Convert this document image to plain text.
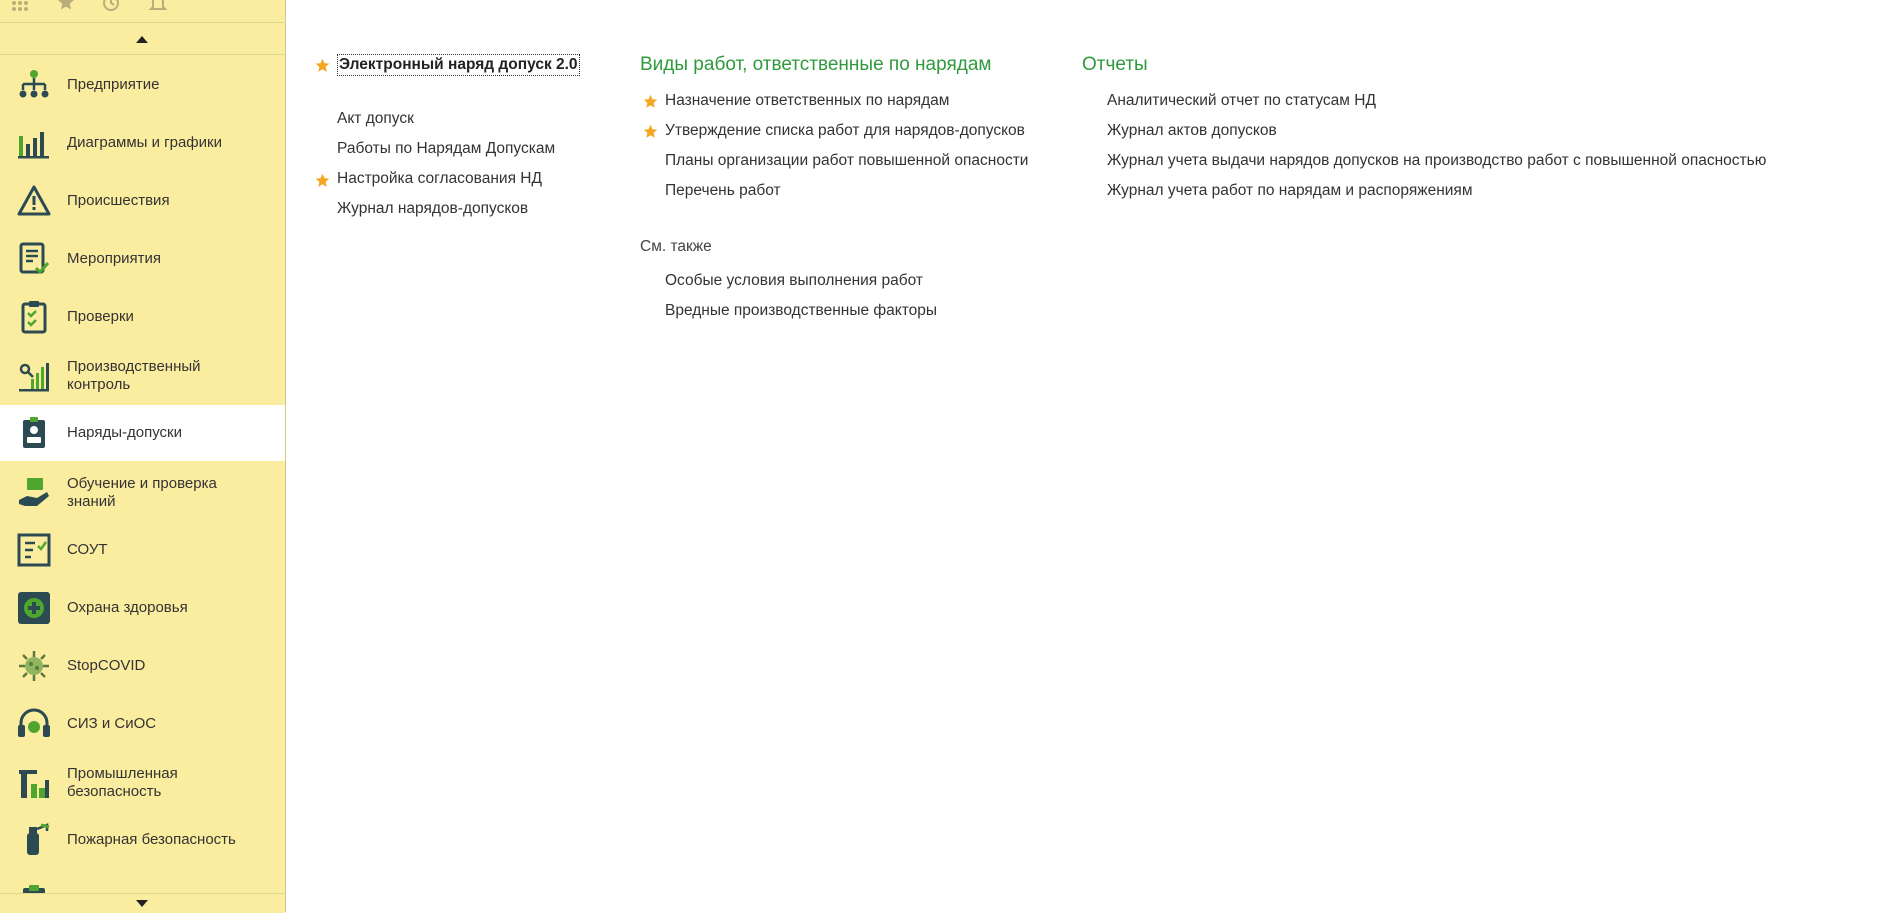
Предприятие
Диаграммы и графики
Происшествия
Мероприятия
Проверки
Производственный контроль
Наряды-допуски
Обучение и проверка знаний
СОУТ
Охрана здоровья
StopCOVID
СИЗ и СиОС
Промышленная безопасность
Пожарная безопасность
Электронный наряд допуск 2.0
Акт допуск
Работы по Нарядам Допускам
Настройка согласования НД
Журнал нарядов-допусков
Виды работ, ответственные по нарядам
Назначение ответственных по нарядам
Утверждение списка работ для нарядов-допусков
Планы организации работ повышенной опасности
Перечень работ
См. также
Особые условия выполнения работ
Вредные производственные факторы
Отчеты
Аналитический отчет по статусам НД
Журнал актов допусков
Журнал учета выдачи нарядов допусков на производство работ с повышенной опасностью
Журнал учета работ по нарядам и распоряжениям
